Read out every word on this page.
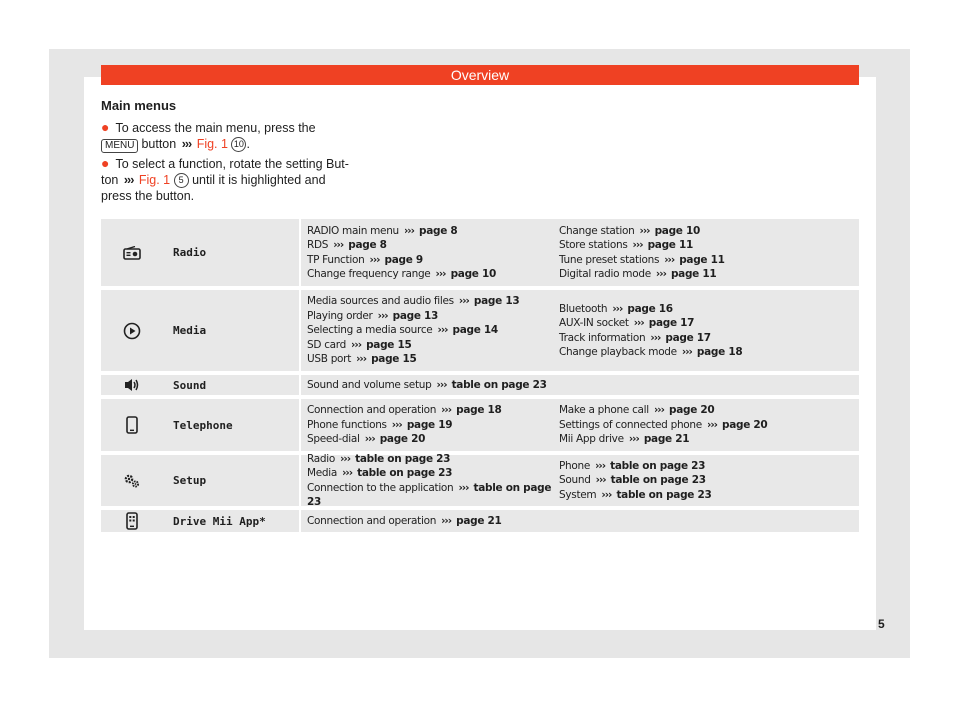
Overview
Main menus
● To access the main menu, press the MENU button ››› Fig. 1 10 .
● To select a function, rotate the setting But- ton ››› Fig. 1 5 until it is highlighted and press the button.
Radio
RADIO main menu ››› page 8
RDS ››› page 8
TP Function ››› page 9
Change frequency range ››› page 10
Change station ››› page 10
Store stations ››› page 11
Tune preset stations ››› page 11
Digital radio mode ››› page 11
Media
Media sources and audio files ››› page 13
Playing order ››› page 13
Selecting a media source ››› page 14
SD card ››› page 15
USB port ››› page 15
Bluetooth ››› page 16
AUX-IN socket ››› page 17
Track information ››› page 17
Change playback mode ››› page 18
Sound	Sound and volume setup ››› table on page 23
Telephone
Connection and operation ››› page 18
Phone functions ››› page 19
Speed-dial ››› page 20
Make a phone call ››› page 20
Settings of connected phone ››› page 20
Mii App drive ››› page 21
Setup
Radio ››› table on page 23
Media ››› table on page 23
Connection to the application ››› table on page 23
Phone ››› table on page 23
Sound ››› table on page 23
System ››› table on page 23
Drive Mii App*	Connection and operation ››› page 21
5
